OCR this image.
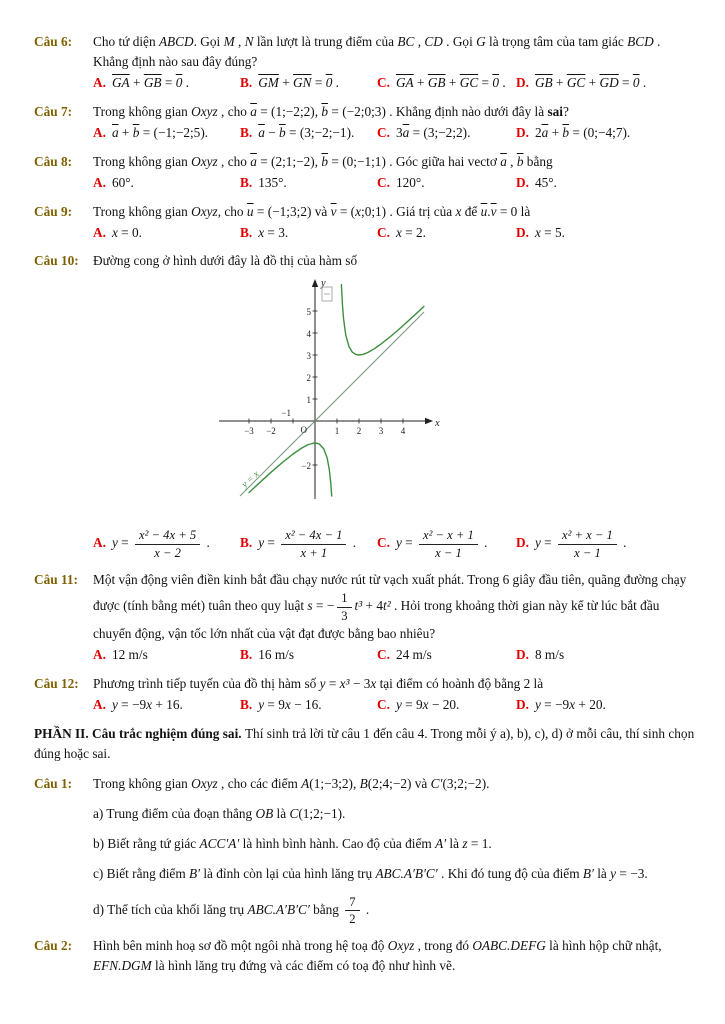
Câu 6:	Cho tứ diện ABCD. Gọi M , N lần lượt là trung điểm của BC , CD . Gọi G là trọng tâm của tam giác BCD . Khẳng định nào sau đây đúng?
A. $\overline{GA} + \overline{GB} = 0$ .	B. $\overline{GM} + \overline{GN} = 0$ .	C. $\overline{GA} + \overline{GB} + \overline{GC} = 0$ . D. $\overline{GB} + \overline{GC} + \overline{GD} = 0$ .
Câu 7:	Trong không gian Oxyz , cho $\overline{a}$ = (1;−2;2), $\overline{b}$ = (−2;0;3) . Khẳng định nào dưới đây là sai?
A. $\overline{a} + \overline{b}$ = (−1;−2;5).	B. $\overline{a} - \overline{b}$ = (3;−2;−1).	C. $3\overline{a}$ = (3;−2;2).	D. $2\overline{a} + \overline{b}$ = (0;−4;7).
Câu 8:	Trong không gian Oxyz , cho $\overline{a}$ = (2;1;−2), $\overline{b}$ = (0;−1;1) . Góc giữa hai vectơ $\overline{a}$ , $\overline{b}$ bằng
A. 60°.	B. 135°.	C. 120°.	D. 45°.
Câu 9:	Trong không gian Oxyz, cho $\overline{u}$ = (−1;3;2) và $\overline{v}$ = (x;0;1) . Giá trị của x để $\overline{u}.\overline{v} = 0$ là
A. x = 0.	B. x = 3.	C. x = 2.	D. x = 5.
Câu 10:	Đường cong ở hình dưới đây là đồ thị của hàm số
−3 −2
−1
1 2 3 4
5
4
3
2
1
−2
O
x
y
y = x
A. $y = \frac{\text{x² − 4x + 5}}{x - 2}$ .	B. $y = \frac{\text{x² − 4x − 1}}{x + 1}$ .	C. $y = \frac{\text{x² − x + 1}}{x - 1}$ .	D. $y = \frac{\text{x² + x − 1}}{x - 1}$ .
Câu 11:	Một vận động viên điền kinh bắt đầu chạy nước rút từ vạch xuất phát. Trong 6 giây đầu tiên, quãng đường chạy được (tính bằng mét) tuân theo quy luật s = − $\frac{1}{3} t^3 + 4t^2$ . Hỏi trong khoảng thời gian này kể từ lúc bắt đầu chuyển động, vận tốc lớn nhất của vật đạt được bằng bao nhiêu?
A. 12 m/s	B. 16 m/s	C. 24 m/s	D. 8 m/s
Câu 12:	Phương trình tiếp tuyến của đồ thị hàm số y = x³ − 3x tại điểm có hoành độ bằng 2 là
A. y = −9x + 16.	B. y = 9x − 16.	C. y = 9x − 20.	D. y = −9x + 20.
PHẦN II. Câu trắc nghiệm đúng sai. Thí sinh trả lời từ câu 1 đến câu 4. Trong mỗi ý a), b), c), d) ở mỗi câu, thí sinh chọn đúng hoặc sai.
Câu 1:	Trong không gian Oxyz , cho các điểm A(1;−3;2), B(2;4;−2) và C′(3;2;−2).
a) Trung điểm của đoạn thẳng OB là C(1;2;−1).
b) Biết rằng tứ giác ACC′A′ là hình bình hành. Cao độ của điểm A′ là z = 1.
c) Biết rằng điểm B′ là đỉnh còn lại của hình lăng trụ ABC.A′B′C′ . Khi đó tung độ của điểm B′ là y = −3.
d) Thể tích của khối lăng trụ ABC.A′B′C′ bằng $\frac{7}{2}$ .
Câu 2:	Hình bên minh hoạ sơ đồ một ngôi nhà trong hệ toạ độ Oxyz , trong đó OABC.DEFG là hình hộp chữ nhật, EFN.DGM là hình lăng trụ đứng và các điểm có toạ độ như hình vẽ.
